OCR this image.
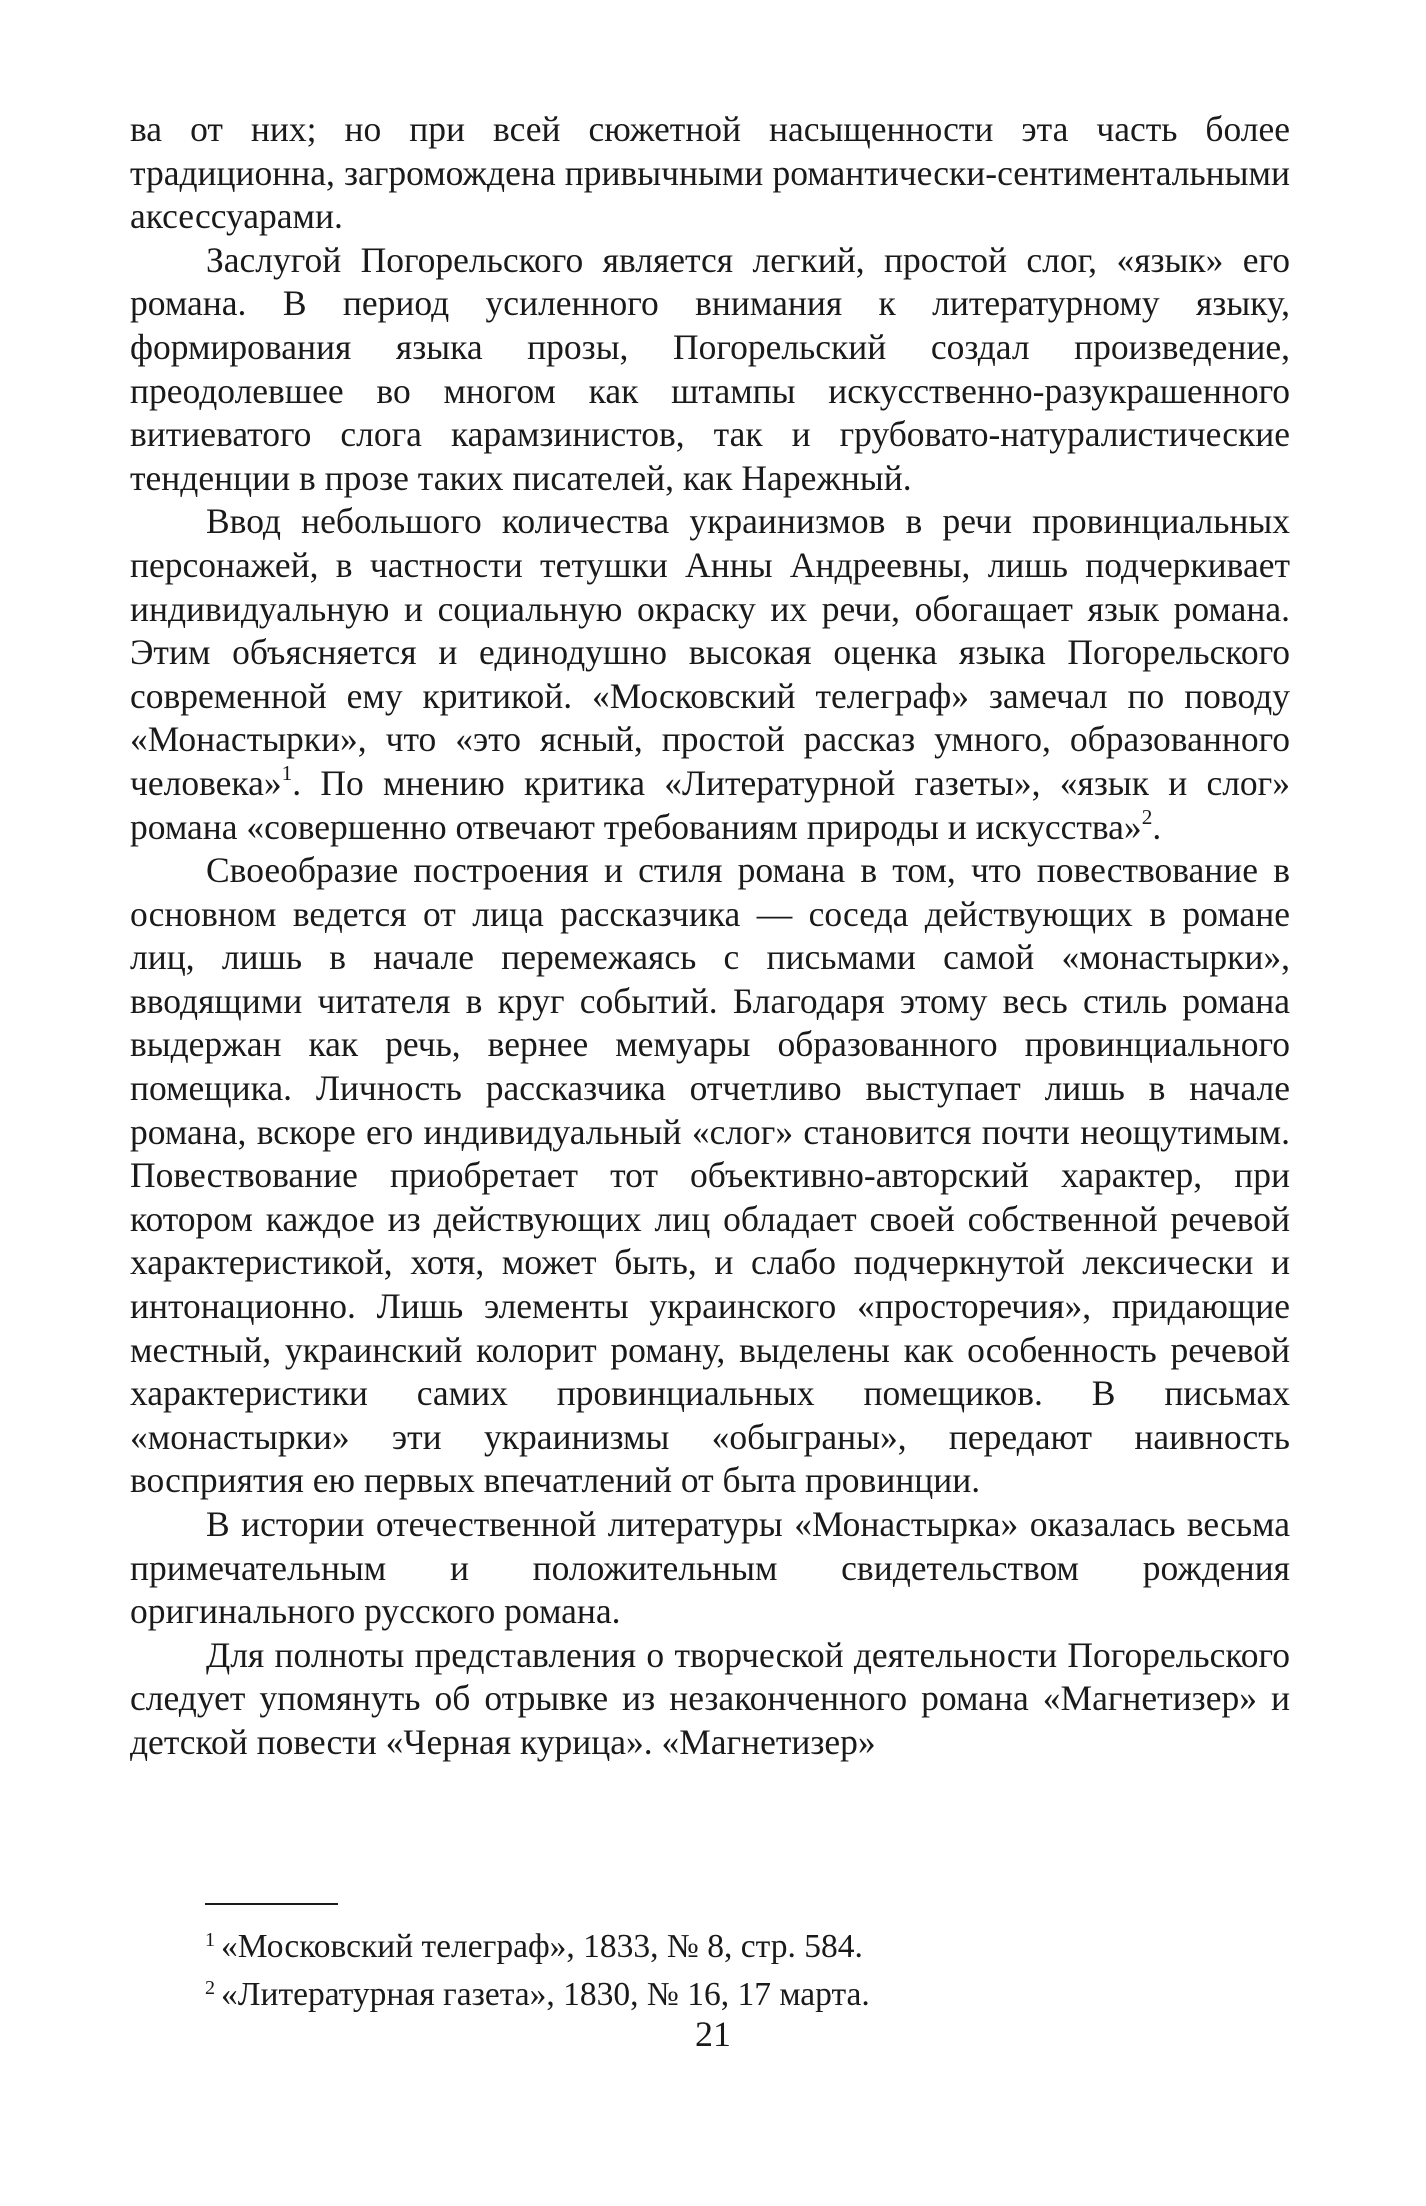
ва от них; но при всей сюжетной насыщенности эта часть более традиционна, загромождена привычными романтически-сентиментальными аксессуарами.

Заслугой Погорельского является легкий, простой слог, «язык» его романа. В период усиленного внимания к литературному языку, формирования языка прозы, Погорельский создал произведение, преодолевшее во многом как штампы искусственно-разукрашенного витиеватого слога карамзинистов, так и грубовато-натуралистические тенденции в прозе таких писателей, как Нарежный.

Ввод небольшого количества украинизмов в речи провинциальных персонажей, в частности тетушки Анны Андреевны, лишь подчеркивает индивидуальную и социальную окраску их речи, обогащает язык романа. Этим объясняется и единодушно высокая оценка языка Погорельского современной ему критикой. «Московский телеграф» замечал по поводу «Монастырки», что «это ясный, простой рассказ умного, образованного человека»$^1$. По мнению критика «Литературной газеты», «язык и слог» романа «совершенно отвечают требованиям природы и искусства»$^2$.

Своеобразие построения и стиля романа в том, что повествование в основном ведется от лица рассказчика — соседа действующих в романе лиц, лишь в начале перемежаясь с письмами самой «монастырки», вводящими читателя в круг событий. Благодаря этому весь стиль романа выдержан как речь, вернее мемуары образованного провинциального помещика. Личность рассказчика отчетливо выступает лишь в начале романа, вскоре его индивидуальный «слог» становится почти неощутимым. Повествование приобретает тот объективно-авторский характер, при котором каждое из действующих лиц обладает своей собственной речевой характеристикой, хотя, может быть, и слабо подчеркнутой лексически и интонационно. Лишь элементы украинского «просторечия», придающие местный, украинский колорит роману, выделены как особенность речевой характеристики самих провинциальных помещиков. В письмах «монастырки» эти украинизмы «обыграны», передают наивность восприятия ею первых впечатлений от быта провинции.

В истории отечественной литературы «Монастырка» оказалась весьма примечательным и положительным свидетельством рождения оригинального русского романа.

Для полноты представления о творческой деятельности Погорельского следует упомянуть об отрывке из незаконченного романа «Магнетизер» и детской повести «Черная курица». «Магнетизер»

1 «Московский телеграф», 1833, № 8, стр. 584.
2 «Литературная газета», 1830, № 16, 17 марта.
21
